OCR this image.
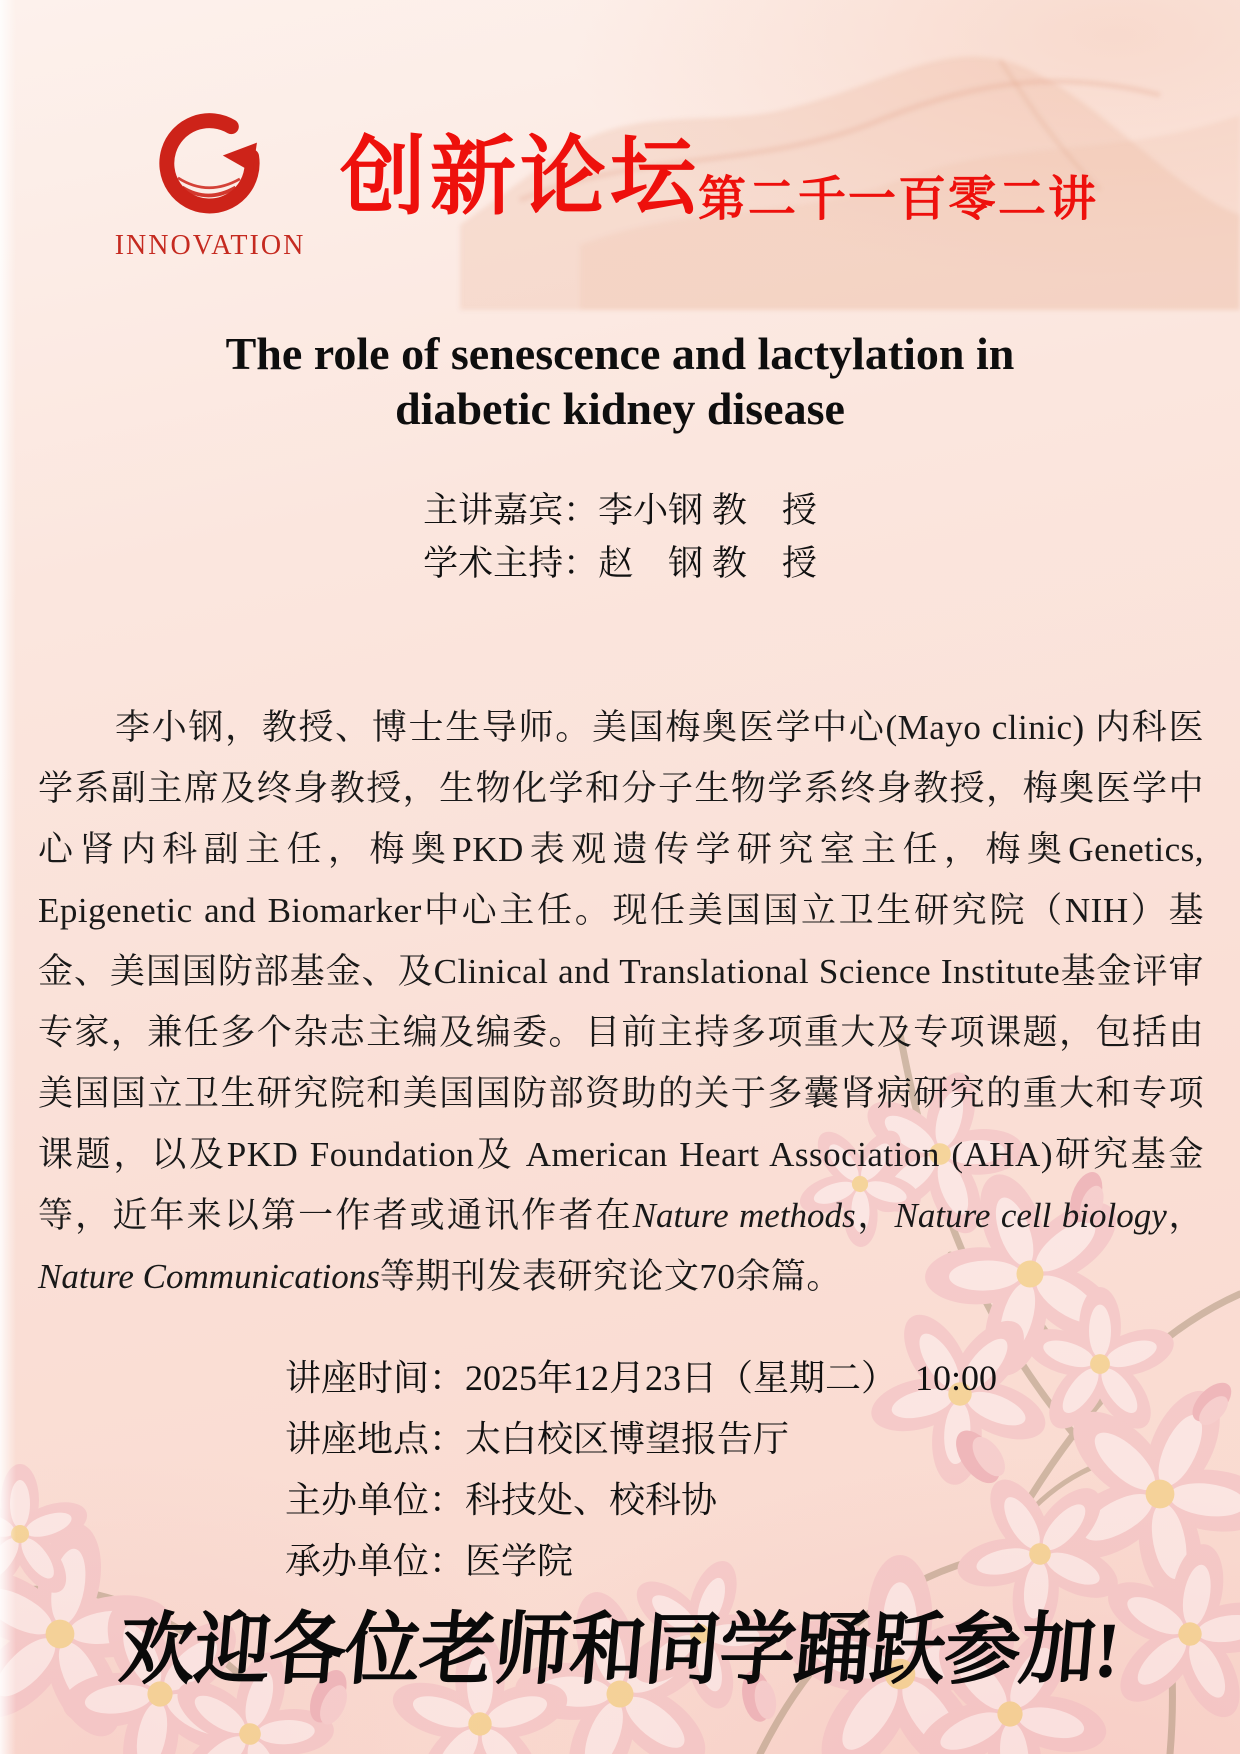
INNOVATION
创新论坛
第二千一百零二讲
The role of senescence and lactylation in
diabetic kidney disease
主讲嘉宾：李小钢 教　授
学术主持：赵　钢 教　授

李小钢，教授、博士生导师。美国梅奥医学中心(Mayo clinic) 内科医学系副主席及终身教授，生物化学和分子生物学系终身教授，梅奥医学中心肾内科副主任，梅奥PKD表观遗传学研究室主任，梅奥Genetics, Epigenetic and Biomarker中心主任。现任美国国立卫生研究院（NIH）基金、美国国防部基金、及Clinical and Translational Science Institute基金评审专家，兼任多个杂志主编及编委。目前主持多项重大及专项课题，包括由美国国立卫生研究院和美国国防部资助的关于多囊肾病研究的重大和专项课题，以及PKD Foundation及 American Heart Association (AHA)研究基金等，近年来以第一作者或通讯作者在Nature methods，Nature cell biology，Nature Communications等期刊发表研究论文70余篇。

讲座时间：2025年12月23日（星期二）　10:00
讲座地点：太白校区博望报告厅
主办单位：科技处、校科协
承办单位：医学院
欢迎各位老师和同学踊跃参加!
